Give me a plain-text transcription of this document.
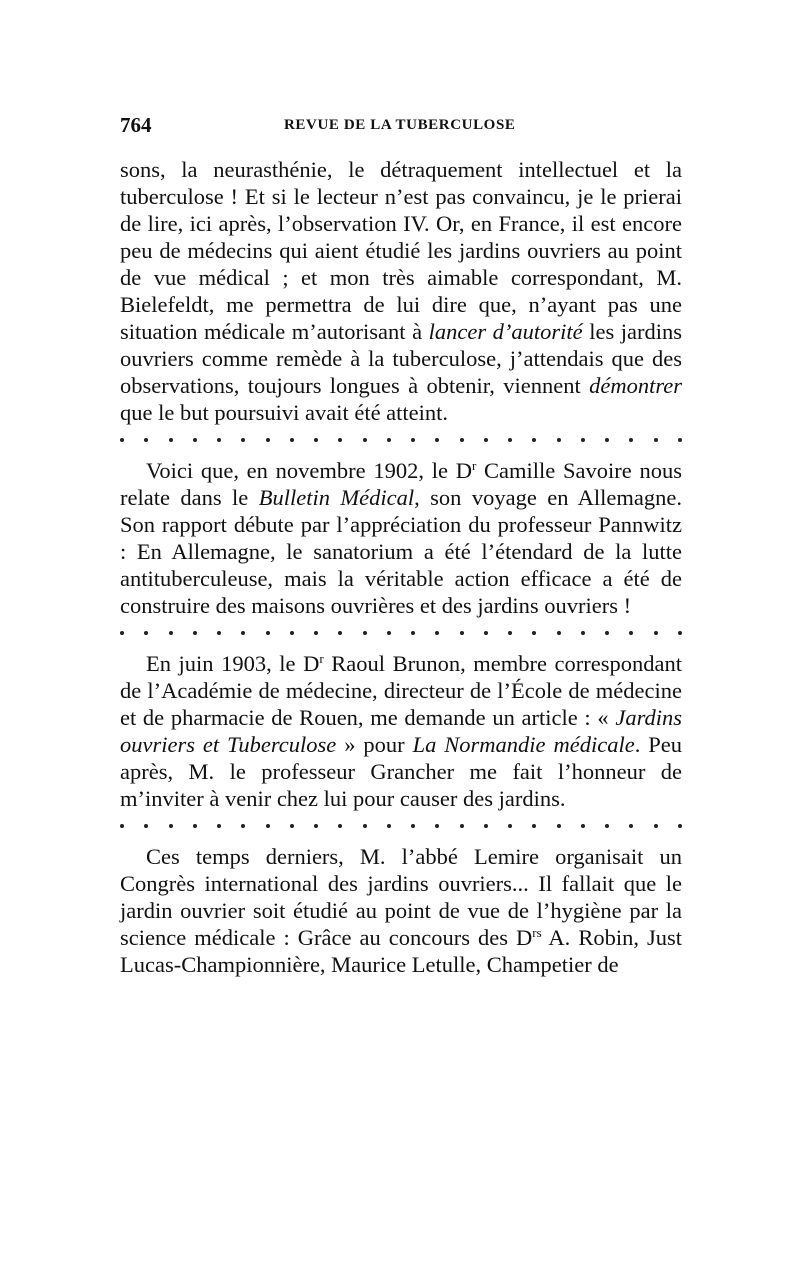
764	REVUE DE LA TUBERCULOSE

sons, la neurasthénie, le détraquement intellectuel et la tuberculose ! Et si le lecteur n’est pas convaincu, je le prierai de lire, ici après, l’observation IV. Or, en France, il est encore peu de médecins qui aient étudié les jardins ouvriers au point de vue médical ; et mon très aimable correspondant, M. Bielefeldt, me permettra de lui dire que, n’ayant pas une situation médicale m’autorisant à lancer d’autorité les jardins ouvriers comme remède à la tuberculose, j’attendais que des observations, toujours longues à obtenir, viennent démontrer que le but poursuivi avait été atteint.

Voici que, en novembre 1902, le $D^r$ Camille Savoire nous relate dans le Bulletin Médical, son voyage en Allemagne. Son rapport débute par l’appréciation du professeur Pannwitz : En Allemagne, le sanatorium a été l’étendard de la lutte antituberculeuse, mais la véritable action efficace a été de construire des maisons ouvrières et des jardins ouvriers !

En juin 1903, le $D^r$ Raoul Brunon, membre correspondant de l’Académie de médecine, directeur de l’École de médecine et de pharmacie de Rouen, me demande un article : « Jardins ouvriers et Tuberculose » pour La Normandie médicale. Peu après, M. le professeur Grancher me fait l’honneur de m’inviter à venir chez lui pour causer des jardins.

Ces temps derniers, M. l’abbé Lemire organisait un Congrès international des jardins ouvriers... Il fallait que le jardin ouvrier soit étudié au point de vue de l’hygiène par la science médicale : Grâce au concours des $D^{rs}$ A. Robin, Just Lucas-Championnière, Maurice Letulle, Champetier de
